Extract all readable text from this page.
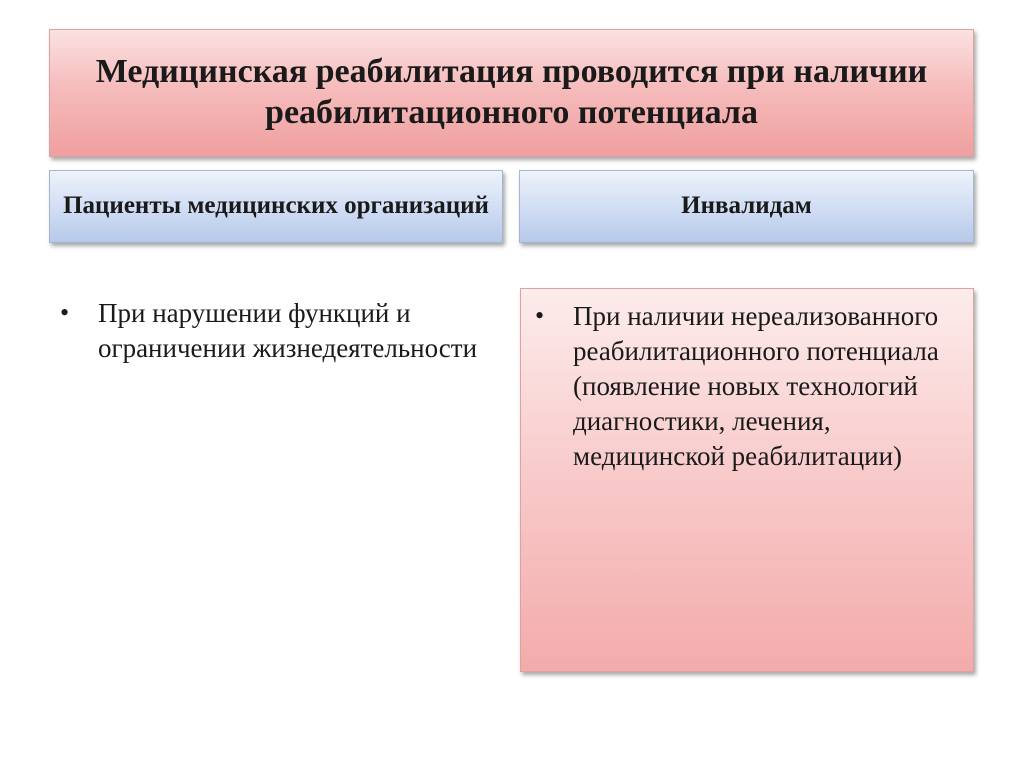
Медицинская реабилитация проводится при наличии реабилитационного потенциала

Пациенты медицинских организаций	Инвалидам

•	При нарушении функций и ограничении жизнедеятельности

•	При наличии нереализованного реабилитационного потенциала (появление новых технологий диагностики, лечения, медицинской реабилитации)
